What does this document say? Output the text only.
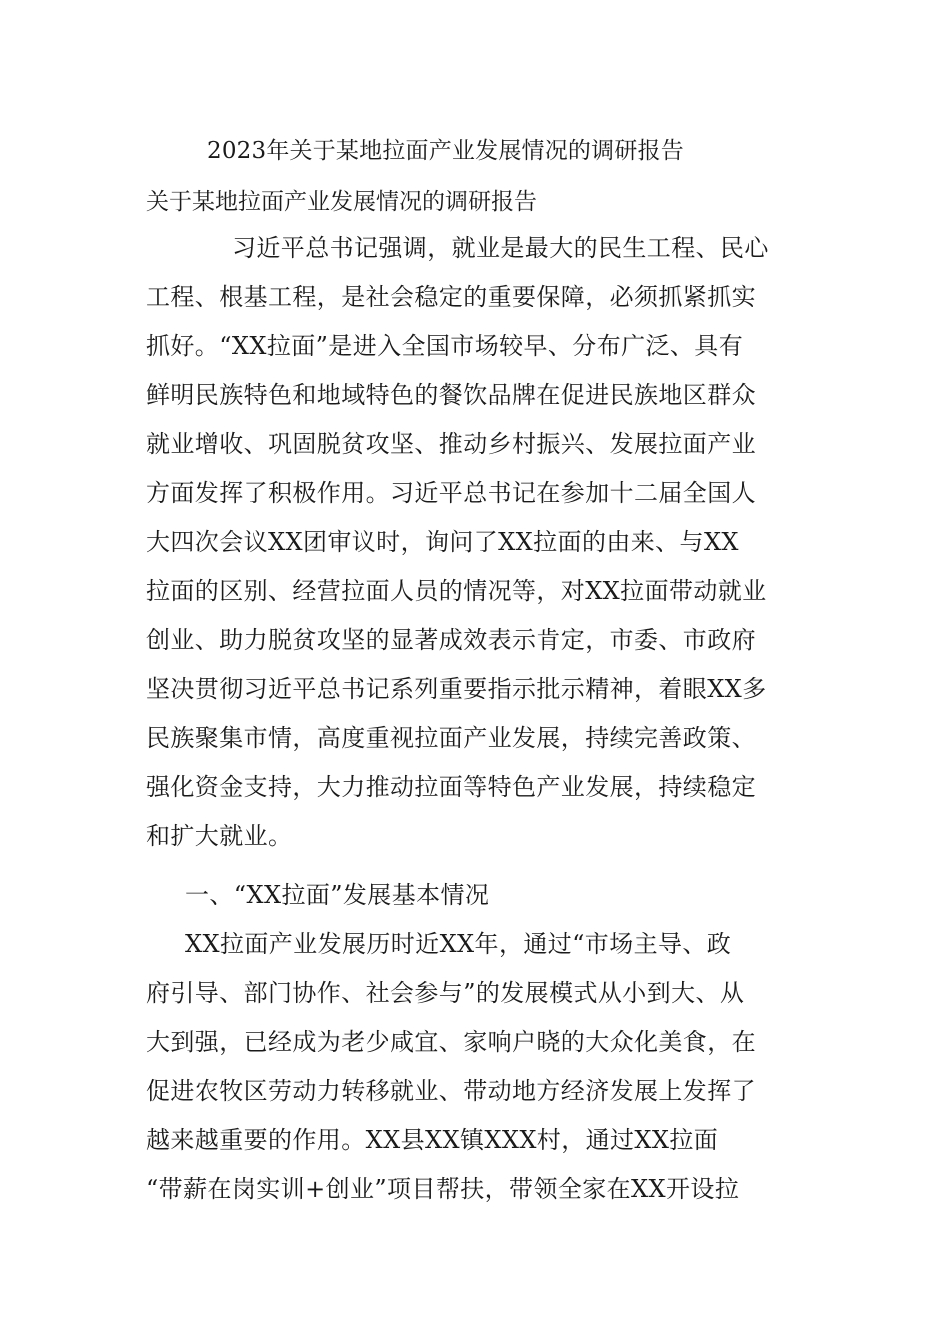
2023年关于某地拉面产业发展情况的调研报告
关于某地拉面产业发展情况的调研报告
习近平总书记强调，就业是最大的民生工程、民心
工程、根基工程，是社会稳定的重要保障，必须抓紧抓实
抓好。“XX拉面”是进入全国市场较早、分布广泛、具有
鲜明民族特色和地域特色的餐饮品牌在促进民族地区群众
就业增收、巩固脱贫攻坚、推动乡村振兴、发展拉面产业
方面发挥了积极作用。习近平总书记在参加十二届全国人
大四次会议XX团审议时，询问了XX拉面的由来、与XX
拉面的区别、经营拉面人员的情况等，对XX拉面带动就业
创业、助力脱贫攻坚的显著成效表示肯定，市委、市政府
坚决贯彻习近平总书记系列重要指示批示精神，着眼XX多
民族聚集市情，高度重视拉面产业发展，持续完善政策、
强化资金支持，大力推动拉面等特色产业发展，持续稳定
和扩大就业。
一、“XX拉面”发展基本情况
XX拉面产业发展历时近XX年，通过“市场主导、政
府引导、部门协作、社会参与”的发展模式从小到大、从
大到强，已经成为老少咸宜、家响户晓的大众化美食，在
促进农牧区劳动力转移就业、带动地方经济发展上发挥了
越来越重要的作用。XX县XX镇XXX村，通过XX拉面
“带薪在岗实训+创业”项目帮扶，带领全家在XX开设拉
